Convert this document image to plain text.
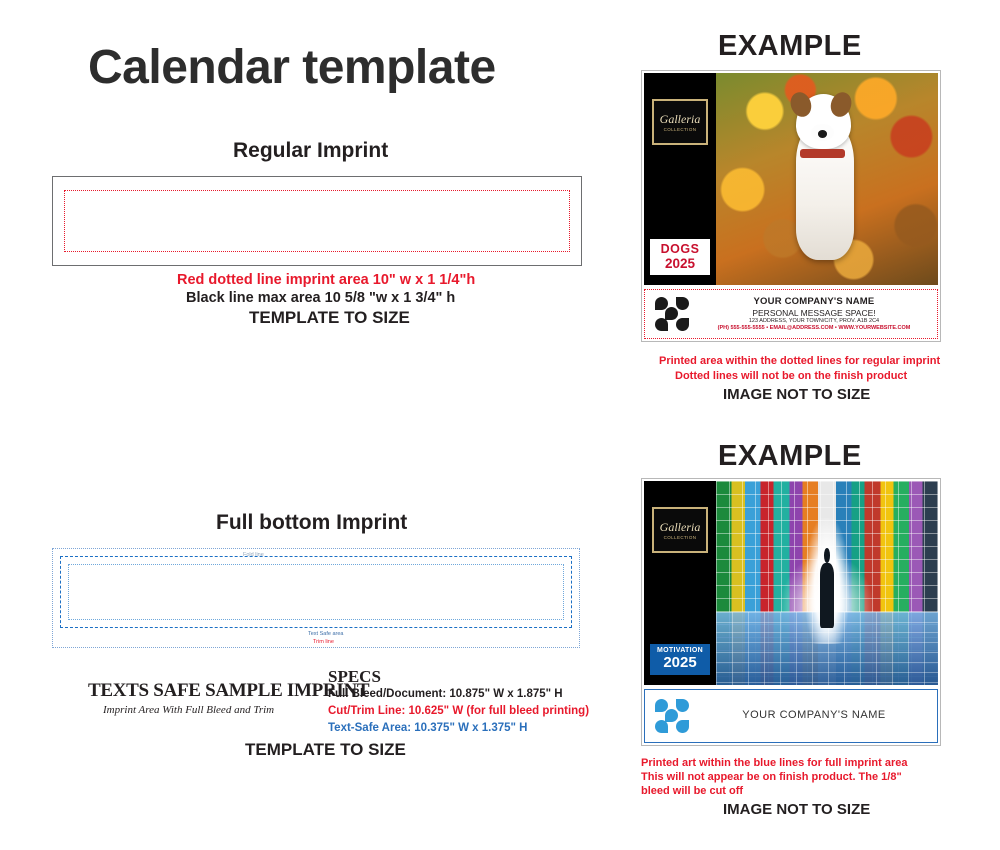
Calendar template
Regular Imprint
Red dotted line imprint area 10" w x 1 1/4"h
Black line max area 10 5/8 "w x 1 3/4" h
TEMPLATE TO SIZE
Full bottom Imprint
Fold line
Text Safe area
Trim line
TEXTS SAFE SAMPLE IMPRINT
Imprint Area With Full Bleed and Trim
SPECS
Full Bleed/Document: 10.875" W x 1.875" H
Cut/Trim Line: 10.625" W (for full bleed printing)
Text-Safe Area: 10.375" W x 1.375" H
TEMPLATE TO SIZE
EXAMPLE
Galleria
COLLECTION
DOGS
2025
YOUR COMPANY'S NAME
PERSONAL MESSAGE SPACE!
123 ADDRESS, YOUR TOWN/CITY, PROV. A1B 2C4
(PH) 555-555-5555 • EMAIL@ADDRESS.COM • WWW.YOURWEBSITE.COM
Printed area within the dotted lines for regular imprint
Dotted lines will not be on the finish product
IMAGE NOT TO SIZE
EXAMPLE
Galleria
COLLECTION
MOTIVATION
2025
YOUR COMPANY'S NAME
Printed art within the blue lines for full imprint area
This will not appear be on finish product. The 1/8"
bleed will be cut off
IMAGE NOT TO SIZE
